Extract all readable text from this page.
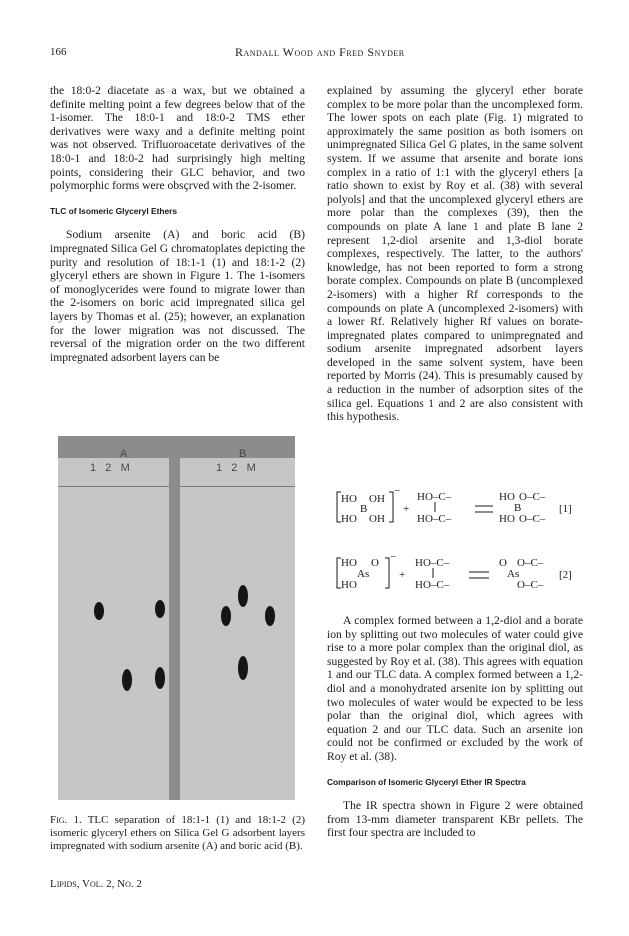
166	Randall Wood and Fred Snyder

the 18:0-2 diacetate as a wax, but we obtained a definite melting point a few degrees below that of the 1-isomer. The 18:0-1 and 18:0-2 TMS ether derivatives were waxy and a definite melting point was not observed. Trifluoroacetate derivatives of the 18:0-1 and 18:0-2 had surprisingly high melting points, considering their GLC behavior, and two polymorphic forms were obsçrved with the 2-isomer.

TLC of Isomeric Glyceryl Ethers

Sodium arsenite (A) and boric acid (B) impregnated Silica Gel G chromatoplates depicting the purity and resolution of 18:1-1 (1) and 18:1-2 (2) glyceryl ethers are shown in Figure 1. The 1-isomers of monoglycerides were found to migrate lower than the 2-isomers on boric acid impregnated silica gel layers by Thomas et al. (25); however, an explanation for the lower migration was not discussed. The reversal of the migration order on the two different impregnated adsorbent layers can be

A	B
1   2   M	1   2   M
Fig. 1. TLC separation of 18:1-1 (1) and 18:1-2 (2) isomeric glyceryl ethers on Silica Gel G adsorbent layers impregnated with sodium arsenite (A) and boric acid (B).
Lipids, Vol. 2, No. 2

explained by assuming the glyceryl ether borate complex to be more polar than the uncomplexed form. The lower spots on each plate (Fig. 1) migrated to approximately the same position as both isomers on unimpregnated Silica Gel G plates, in the same solvent system. If we assume that arsenite and borate ions complex in a ratio of 1:1 with the glyceryl ethers [a ratio shown to exist by Roy et al. (38) with several polyols] and that the uncomplexed glyceryl ethers are more polar than the complexes (39), then the compounds on plate A lane 1 and plate B lane 2 represent 1,2-diol arsenite and 1,3-diol borate complexes, respectively. The latter, to the authors' knowledge, has not been reported to form a strong borate complex. Compounds on plate B (uncomplexed 2-isomers) with a higher Rf corresponds to the compounds on plate A (uncomplexed 2-isomers) with a lower Rf. Relatively higher Rf values on borate-impregnated plates compared to unimpregnated and sodium arsenite impregnated adsorbent layers developed in the same solvent system, have been reported by Morris (24). This is presumably caused by a reduction in the number of adsorption sites of the silica gel. Equations 1 and 2 are also consistent with this hypothesis.

HO OH
B
HO OH
−
+
HO–C–
HO–C–
HO O–C–
B
HO O–C–
[1]
HO O
As
HO
−
+
HO–C–
HO–C–
O O–C–
As
O–C–
[2]

A complex formed between a 1,2-diol and a borate ion by splitting out two molecules of water could give rise to a more polar complex than the original diol, as suggested by Roy et al. (38). This agrees with equation 1 and our TLC data. A complex formed between a 1,2-diol and a monohydrated arsenite ion by splitting out two molecules of water would be expected to be less polar than the original diol, which agrees with equation 2 and our TLC data. Such an arsenite ion could not be confirmed or excluded by the work of Roy et al. (38).

Comparison of Isomeric Glyceryl Ether IR Spectra

The IR spectra shown in Figure 2 were obtained from 13-mm diameter transparent KBr pellets. The first four spectra are included to
